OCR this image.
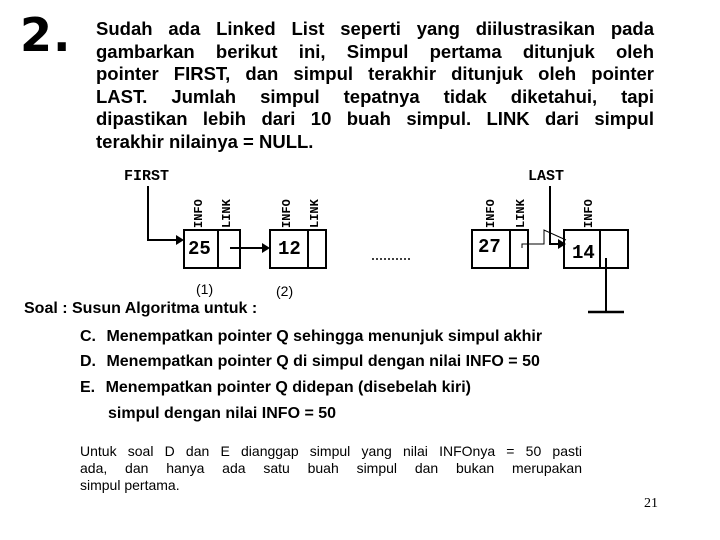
2. Sudah ada Linked List seperti yang diilustrasikan pada
gambarkan berikut ini, Simpul pertama ditunjuk oleh
pointer FIRST, dan simpul terakhir ditunjuk oleh pointer
LAST. Jumlah simpul tepatnya tidak diketahui, tapi
dipastikan lebih dari 10 buah simpul. LINK dari simpul
terakhir nilainya = NULL.
FIRST	LAST
INFO LINK	INFO LINK	INFO LINK	INFO
25	12	27	14
(1)	(2)
Soal : Susun Algoritma untuk :
C. Menempatkan pointer Q sehingga menunjuk simpul akhir
D. Menempatkan pointer Q di simpul dengan nilai INFO = 50
E. Menempatkan pointer Q didepan (disebelah kiri)
simpul dengan nilai INFO = 50
Untuk soal D dan E dianggap simpul yang nilai INFOnya = 50 pasti
ada, dan hanya ada satu buah simpul dan bukan merupakan
simpul pertama.
21
